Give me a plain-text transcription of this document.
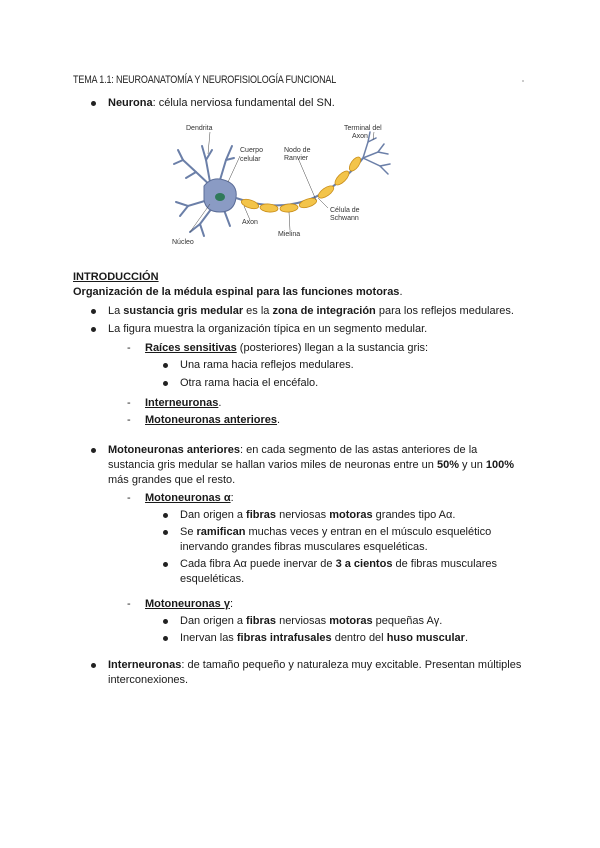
TEMA 1.1: NEUROANATOMÍA Y NEUROFISIOLOGÍA FUNCIONAL
Neurona: célula nerviosa fundamental del SN.
Dendrita
Cuerpo
celular
Nodo de
Ranvier
Terminal del
Axon
Axon
Mielina
Célula de
Schwann
Núcleo
INTRODUCCIÓN
Organización de la médula espinal para las funciones motoras.
La sustancia gris medular es la zona de integración para los reflejos medulares.
La figura muestra la organización típica en un segmento medular.
- Raíces sensitivas (posteriores) llegan a la sustancia gris:
Una rama hacia reflejos medulares.
Otra rama hacia el encéfalo.
- Interneuronas.
- Motoneuronas anteriores.
Motoneuronas anteriores: en cada segmento de las astas anteriores de la
sustancia gris medular se hallan varios miles de neuronas entre un 50% y un 100%
más grandes que el resto.
- Motoneuronas α:
Dan origen a fibras nerviosas motoras grandes tipo Aα.
Se ramifican muchas veces y entran en el músculo esquelético
inervando grandes fibras musculares esqueléticas.
Cada fibra Aα puede inervar de 3 a cientos de fibras musculares
esqueléticas.
- Motoneuronas γ:
Dan origen a fibras nerviosas motoras pequeñas Aγ.
Inervan las fibras intrafusales dentro del huso muscular.
Interneuronas: de tamaño pequeño y naturaleza muy excitable. Presentan múltiples
interconexiones.
